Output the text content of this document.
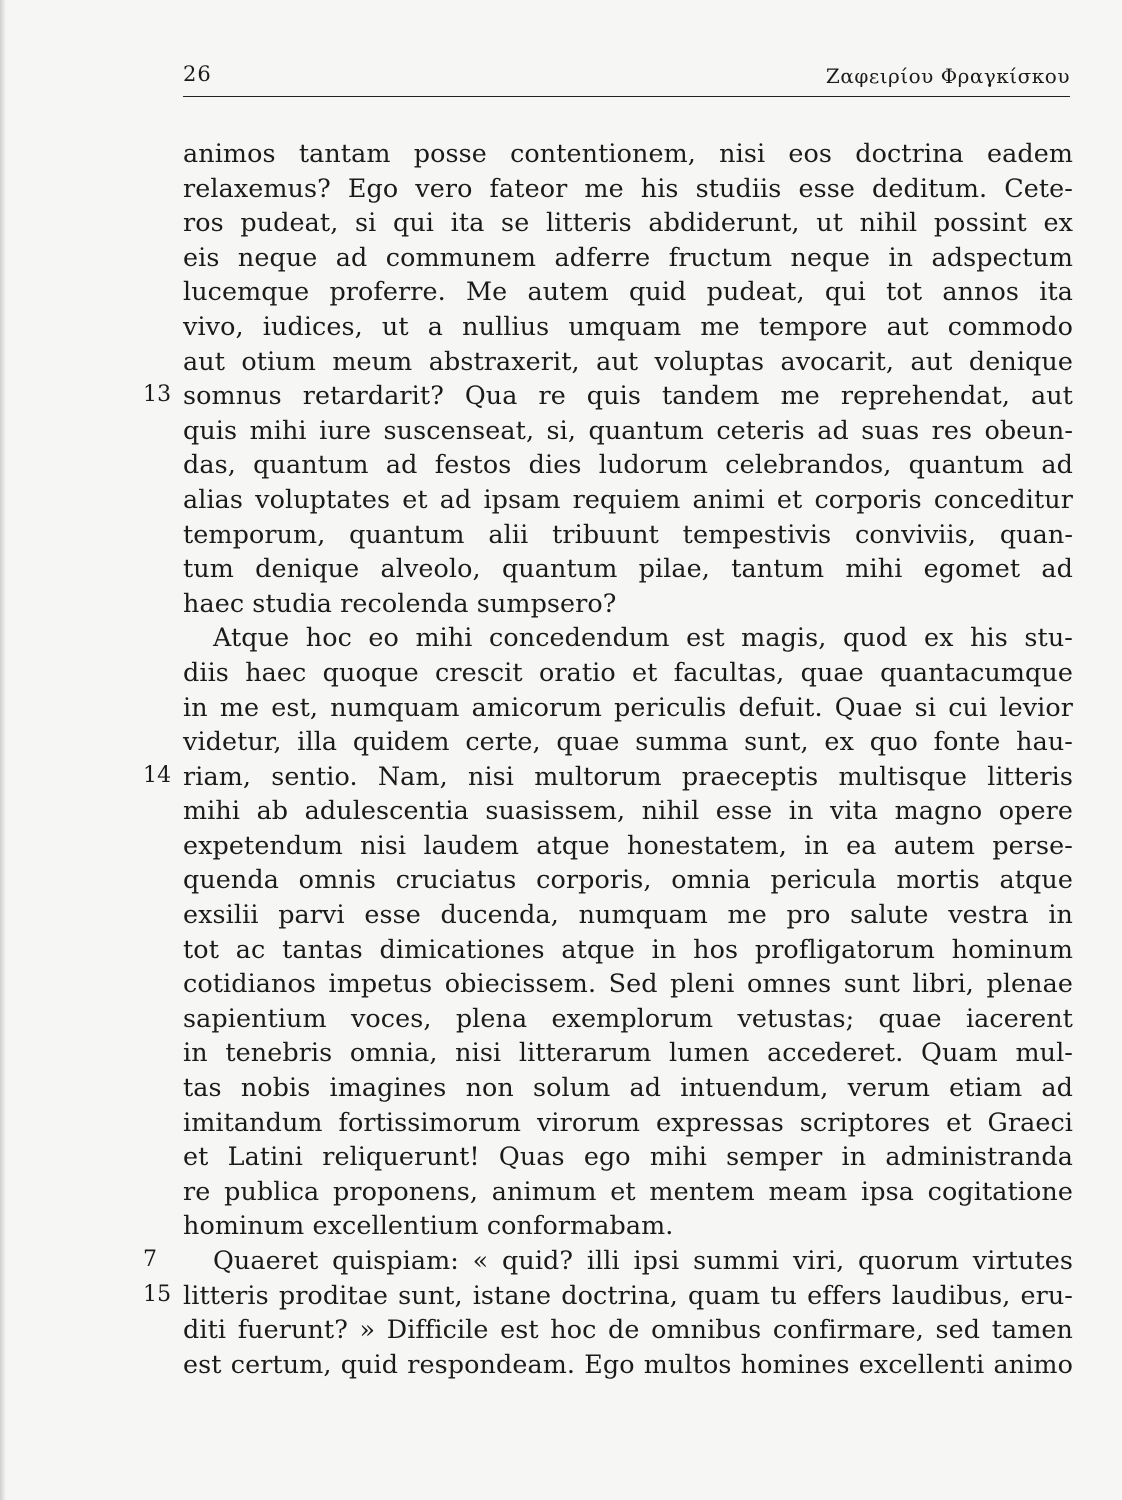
26	Ζαφειρίου Φραγκίσκου
animos tantam posse contentionem, nisi eos doctrina eadem
relaxemus? Ego vero fateor me his studiis esse deditum. Cete-
ros pudeat, si qui ita se litteris abdiderunt, ut nihil possint ex
eis neque ad communem adferre fructum neque in adspectum
lucemque proferre. Me autem quid pudeat, qui tot annos ita
vivo, iudices, ut a nullius umquam me tempore aut commodo
aut otium meum abstraxerit, aut voluptas avocarit, aut denique
13 somnus retardarit? Qua re quis tandem me reprehendat, aut
quis mihi iure suscenseat, si, quantum ceteris ad suas res obeun-
das, quantum ad festos dies ludorum celebrandos, quantum ad
alias voluptates et ad ipsam requiem animi et corporis conceditur
temporum, quantum alii tribuunt tempestivis conviviis, quan-
tum denique alveolo, quantum pilae, tantum mihi egomet ad
haec studia recolenda sumpsero?
Atque hoc eo mihi concedendum est magis, quod ex his stu-
diis haec quoque crescit oratio et facultas, quae quantacumque
in me est, numquam amicorum periculis defuit. Quae si cui levior
videtur, illa quidem certe, quae summa sunt, ex quo fonte hau-
14 riam, sentio. Nam, nisi multorum praeceptis multisque litteris
mihi ab adulescentia suasissem, nihil esse in vita magno opere
expetendum nisi laudem atque honestatem, in ea autem perse-
quenda omnis cruciatus corporis, omnia pericula mortis atque
exsilii parvi esse ducenda, numquam me pro salute vestra in
tot ac tantas dimicationes atque in hos profligatorum hominum
cotidianos impetus obiecissem. Sed pleni omnes sunt libri, plenae
sapientium voces, plena exemplorum vetustas; quae iacerent
in tenebris omnia, nisi litterarum lumen accederet. Quam mul-
tas nobis imagines non solum ad intuendum, verum etiam ad
imitandum fortissimorum virorum expressas scriptores et Graeci
et Latini reliquerunt! Quas ego mihi semper in administranda
re publica proponens, animum et mentem meam ipsa cogitatione
hominum excellentium conformabam.
7	Quaeret quispiam: « quid? illi ipsi summi viri, quorum virtutes
15 litteris proditae sunt, istane doctrina, quam tu effers laudibus, eru-
diti fuerunt? » Difficile est hoc de omnibus confirmare, sed tamen
est certum, quid respondeam. Ego multos homines excellenti animo
